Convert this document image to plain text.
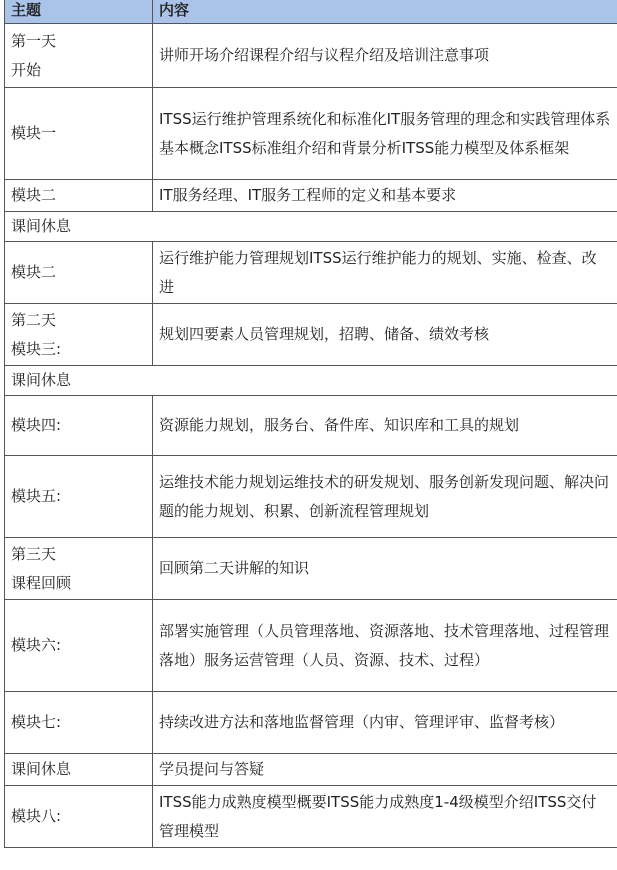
主题	内容

第一天
开始	讲师开场介绍课程介绍与议程介绍及培训注意事项

模块一	ITSS运行维护管理系统化和标准化IT服务管理的理念和实践管理体系基本概念ITSS标准组介绍和背景分析ITSS能力模型及体系框架

模块二	IT服务经理、IT服务工程师的定义和基本要求

课间休息	

模块二	运行维护能力管理规划ITSS运行维护能力的规划、实施、检查、改进

第二天
模块三:	规划四要素人员管理规划，招聘、储备、绩效考核

课间休息	

模块四:	资源能力规划，服务台、备件库、知识库和工具的规划

模块五:	运维技术能力规划运维技术的研发规划、服务创新发现问题、解决问题的能力规划、积累、创新流程管理规划

第三天
课程回顾	回顾第二天讲解的知识

模块六:	部署实施管理（人员管理落地、资源落地、技术管理落地、过程管理落地）服务运营管理（人员、资源、技术、过程）

模块七:	持续改进方法和落地监督管理（内审、管理评审、监督考核）

课间休息	学员提问与答疑

模块八:	ITSS能力成熟度模型概要ITSS能力成熟度1-4级模型介绍ITSS交付管理模型
